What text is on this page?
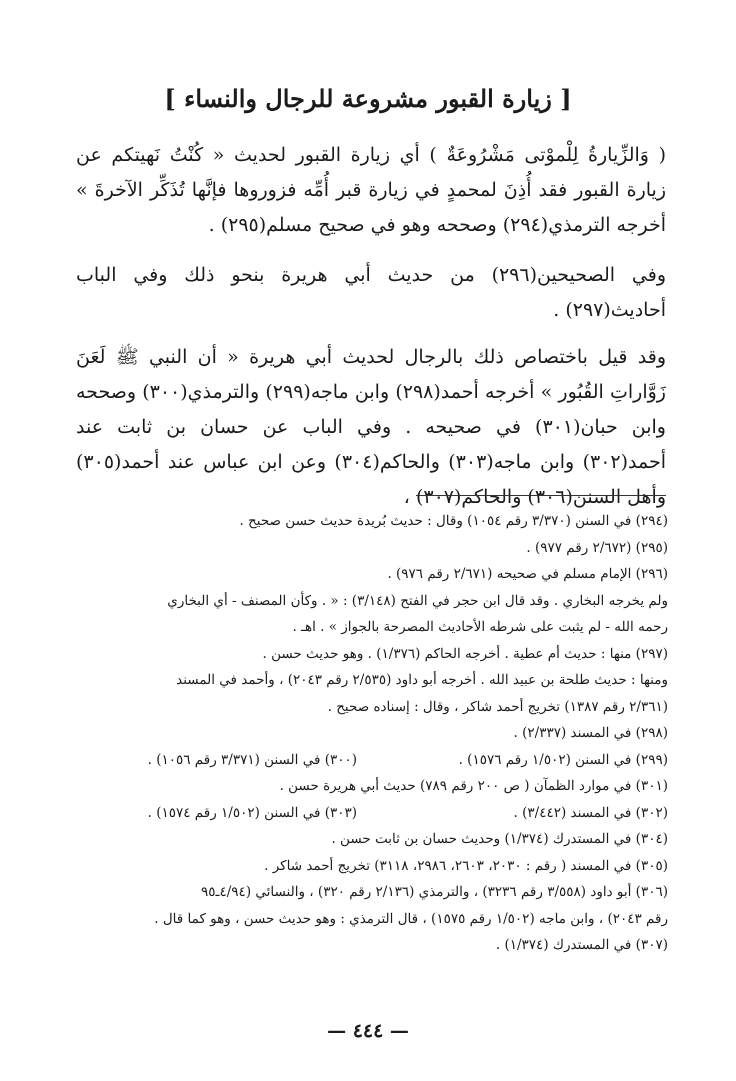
[ زيارة القبور مشروعة للرجال والنساء ]

( وَالزِّيارةُ لِلْموْتى مَشْرُوعَةٌ ) أي زيارة القبور لحديث « كُنْتُ نَهيتكم عن زيارة القبور فقد أُذِنَ لمحمدٍ في زيارة قبر أُمِّه فزوروها فإنَّها تُذَكِّر الآخرةَ » أخرجه الترمذي(٢٩٤) وصححه وهو في صحيح مسلم(٢٩٥) .

وفي الصحيحين(٢٩٦) من حديث أبي هريرة بنحو ذلك وفي الباب أحاديث(٢٩٧) .

وقد قيل باختصاص ذلك بالرجال لحديث أبي هريرة « أن النبي ﷺ لَعَنَ زَوَّاراتِ القُبُور » أخرجه أحمد(٢٩٨) وابن ماجه(٢٩٩) والترمذي(٣٠٠) وصححه وابن حبان(٣٠١) في صحيحه . وفي الباب عن حسان بن ثابت عند أحمد(٣٠٢) وابن ماجه(٣٠٣) والحاكم(٣٠٤) وعن ابن عباس عند أحمد(٣٠٥) وأهل السنن(٣٠٦) والحاكم(٣٠٧) ،

(٢٩٤) في السنن (٣/٣٧٠ رقم ١٠٥٤) وقال : حديث بُريدة حديث حسن صحيح .
(٢٩٥) (٢/٦٧٢ رقم ٩٧٧) .
(٢٩٦) الإمام مسلم في صحيحه (٢/٦٧١ رقم ٩٧٦) .
ولم يخرجه البخاري . وقد قال ابن حجر في الفتح (٣/١٤٨) : « . وكأن المصنف - أي البخاري
رحمه الله - لم يثبت على شرطه الأحاديث المصرحة بالجواز » . اهـ .
(٢٩٧) منها : حديث أم عطية . أخرجه الحاكم (١/٣٧٦) . وهو حديث حسن .
ومنها : حديث طلحة بن عبيد الله . أخرجه أبو داود (٢/٥٣٥ رقم ٢٠٤٣) ، وأحمد في المسند
(٢/٣٦١ رقم ١٣٨٧) تخريج أحمد شاكر ، وقال : إسناده صحيح .
(٢٩٨) في المسند (٢/٣٣٧) .
(٢٩٩) في السنن (١/٥٠٢ رقم ١٥٧٦) .
(٣٠٠) في السنن (٣/٣٧١ رقم ١٠٥٦) .
(٣٠١) في موارد الظمآن ( ص ٢٠٠ رقم ٧٨٩) حديث أبي هريرة حسن .
(٣٠٢) في المسند (٣/٤٤٢) .
(٣٠٣) في السنن (١/٥٠٢ رقم ١٥٧٤) .
(٣٠٤) في المستدرك (١/٣٧٤) وحديث حسان بن ثابت حسن .
(٣٠٥) في المسند ( رقم : ٢٠٣٠، ٢٦٠٣، ٢٩٨٦، ٣١١٨) تخريج أحمد شاكر .
(٣٠٦) أبو داود (٣/٥٥٨ رقم ٣٢٣٦) ، والترمذي (٢/١٣٦ رقم ٣٢٠) ، والنسائي (٤/٩٤ـ٩٥
رقم ٢٠٤٣) ، وابن ماجه (١/٥٠٢ رقم ١٥٧٥) ، قال الترمذي : وهو حديث حسن ، وهو كما قال .
(٣٠٧) في المستدرك (١/٣٧٤) .
— ٤٤٤ —
